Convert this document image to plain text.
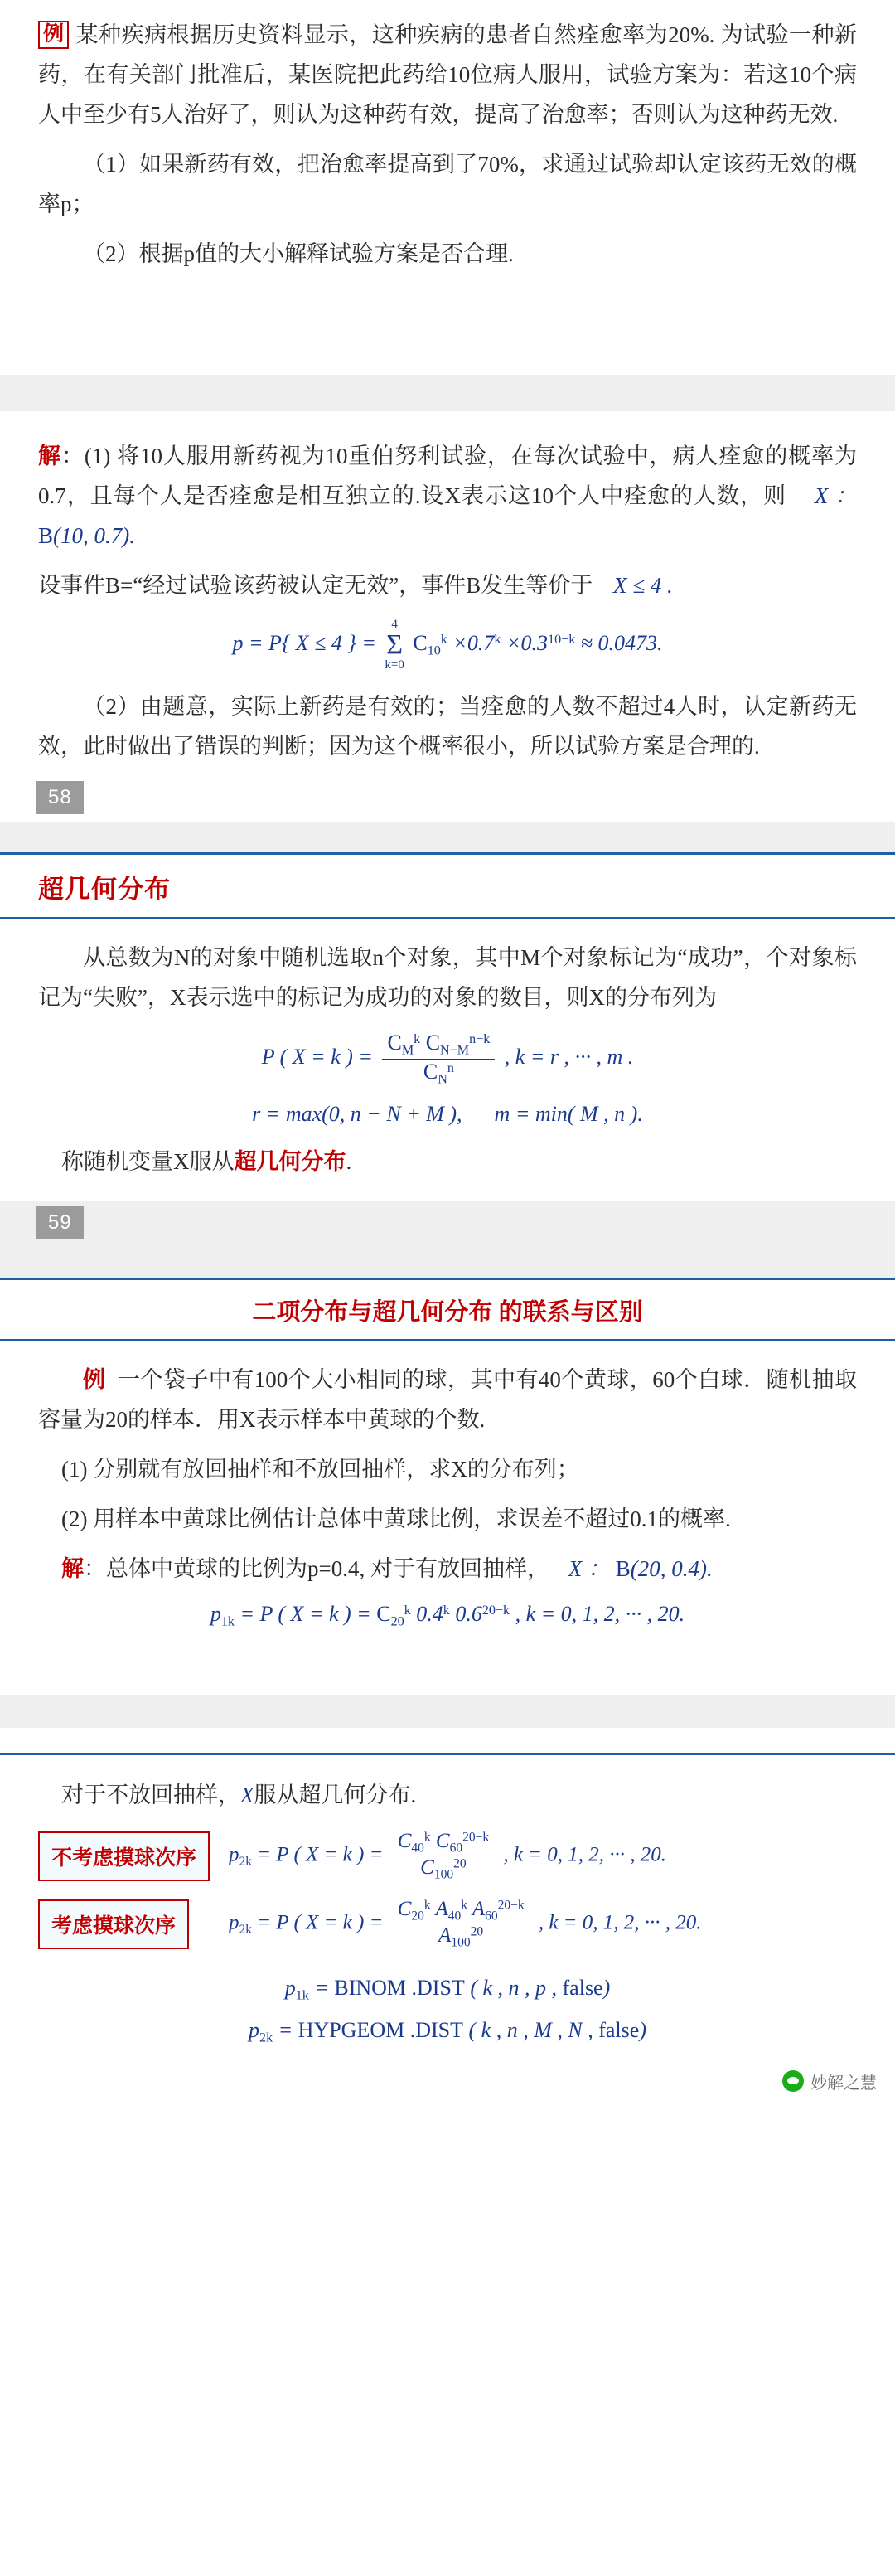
例 某种疾病根据历史资料显示，这种疾病的患者自然痊愈率为20%. 为试验一种新药，在有关部门批准后，某医院把此药给10位病人服用，试验方案为：若这10个病人中至少有5人治好了，则认为这种药有效，提高了治愈率；否则认为这种药无效.

（1）如果新药有效，把治愈率提高到了70%，求通过试验却认定该药无效的概率p；

（2）根据p值的大小解释试验方案是否合理.

解：(1) 将10人服用新药视为10重伯努利试验，在每次试验中，病人痊愈的概率为0.7，且每个人是否痊愈是相互独立的.设X表示这10个人中痊愈的人数，则 X ： B(10, 0.7).

设事件B=“经过试验该药被认定无效”，事件B发生等价于 X ≤ 4 .

p = P{ X ≤ 4 } =
4
Σ
k=0
$C_{10}^k \times 0.7^k \times 0.3^{10-k} \approx 0.0473$.

（2）由题意，实际上新药是有效的；当痊愈的人数不超过4人时，认定新药无效，此时做出了错误的判断；因为这个概率很小，所以试验方案是合理的.

58
超几何分布

从总数为N的对象中随机选取n个对象，其中M个对象标记为“成功”，个对象标记为“失败”，X表示选中的标记为成功的对象的数目，则X的分布列为

P ( X = k ) = $\frac{C_M^k C_{N-M}^{n-k}}{C_N^n}$ , k = r , ··· , m .
r = max(0, n − N + M ),      m = min( M , n ).

称随机变量X服从超几何分布.

59
二项分布与超几何分布 的联系与区别

例 一个袋子中有100个大小相同的球，其中有40个黄球，60个白球．随机抽取容量为20的样本．用X表示样本中黄球的个数.

(1) 分别就有放回抽样和不放回抽样，求X的分布列；

(2) 用样本中黄球比例估计总体中黄球比例，求误差不超过0.1的概率.

解：总体中黄球的比例为p=0.4, 对于有放回抽样， X ： B(20, 0.4).

$p_{1k} = P$ ( X = k ) = $C_{20}^k$ 0.4$^k$ $0.6^{20-k}$ , k = 0, 1, 2, ··· , 20.

对于不放回抽样，X服从超几何分布.

不考虑摸球次序	$p_{2k} = P$ ( X = k ) = $\frac{C_{40}^k C_{60}^{20-k}}{C_{100}^{20}}$ , k = 0, 1, 2, ··· , 20.
考虑摸球次序	$p_{2k} = P$ ( X = k ) = $\frac{C_{20}^k A_{40}^k A_{60}^{20-k}}{A_{100}^{20}}$ , k = 0, 1, 2, ··· , 20.
$p_{1k}$ = BINOM .DIST ( k , n , p , false)
$p_{2k}$ = HYPGEOM .DIST ( k , n , M , N , false)
妙解之慧
